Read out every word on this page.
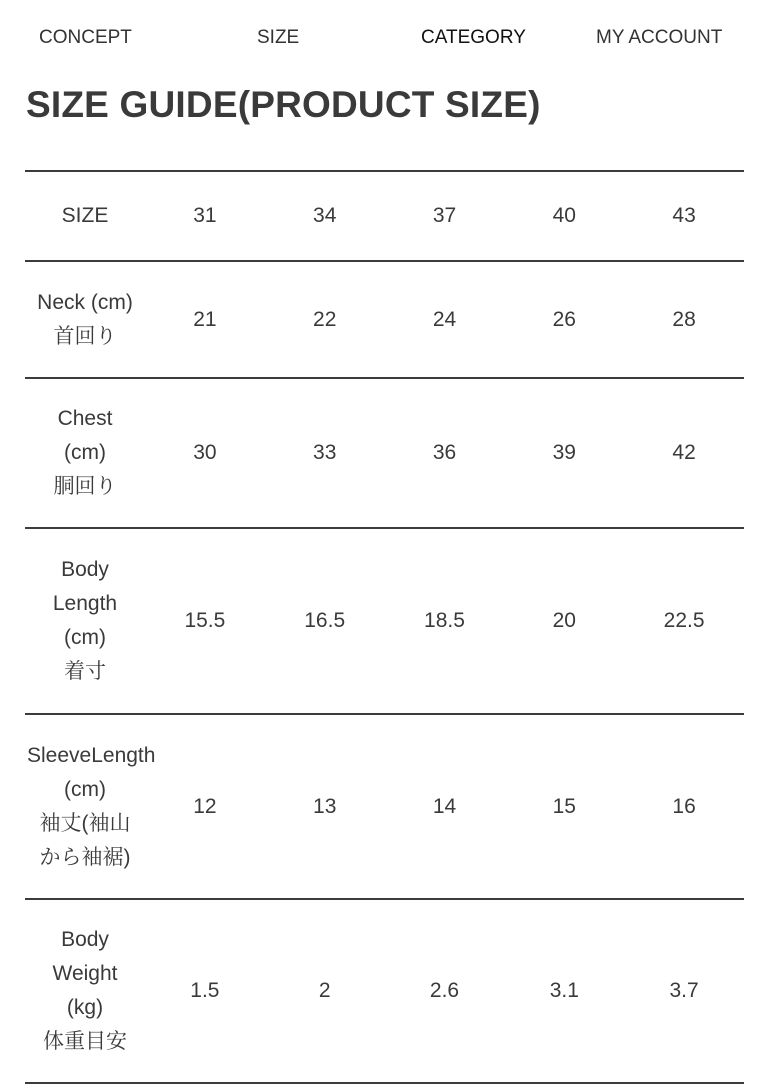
CONCEPT	SIZE	CATEGORY	MY ACCOUNT
SIZE GUIDE(PRODUCT SIZE)
SIZE	31	34	37	40	43

Neck (cm)
首回り	21	22	24	26	28

Chest
(cm)
胴回り	30	33	36	39	42

Body
Length
(cm)
着寸	15.5	16.5	18.5	20	22.5

SleeveLength
(cm)
袖丈(袖山
から袖裾)	12	13	14	15	16

Body
Weight
(kg)
体重目安	1.5	2	2.6	3.1	3.7
